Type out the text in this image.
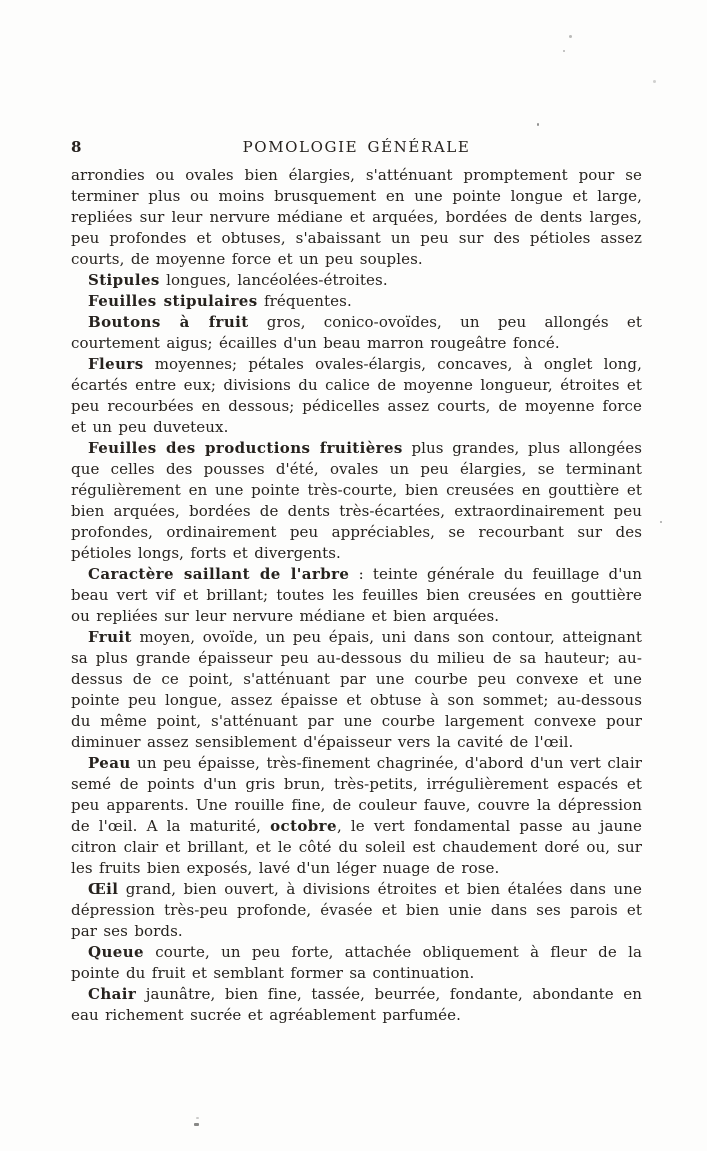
8	POMOLOGIE GÉNÉRALE

arrondies ou ovales bien élargies, s'atténuant promptement pour se terminer plus ou moins brusquement en une pointe longue et large, repliées sur leur nervure médiane et arquées, bordées de dents larges, peu profondes et obtuses, s'abaissant un peu sur des pétioles assez courts, de moyenne force et un peu souples.

Stipules longues, lancéolées-étroites.

Feuilles stipulaires fréquentes.

Boutons à fruit gros, conico-ovoïdes, un peu allongés et courtement aigus; écailles d'un beau marron rougeâtre foncé.

Fleurs moyennes; pétales ovales-élargis, concaves, à onglet long, écartés entre eux; divisions du calice de moyenne longueur, étroites et peu recourbées en dessous; pédicelles assez courts, de moyenne force et un peu duveteux.

Feuilles des productions fruitières plus grandes, plus allongées que celles des pousses d'été, ovales un peu élargies, se terminant régulièrement en une pointe très-courte, bien creusées en gouttière et bien arquées, bordées de dents très-écartées, extraordinairement peu profondes, ordinairement peu appréciables, se recourbant sur des pétioles longs, forts et divergents.

Caractère saillant de l'arbre : teinte générale du feuillage d'un beau vert vif et brillant; toutes les feuilles bien creusées en gouttière ou repliées sur leur nervure médiane et bien arquées.

Fruit moyen, ovoïde, un peu épais, uni dans son contour, atteignant sa plus grande épaisseur peu au-dessous du milieu de sa hauteur; au-dessus de ce point, s'atténuant par une courbe peu convexe et une pointe peu longue, assez épaisse et obtuse à son sommet; au-dessous du même point, s'atténuant par une courbe largement convexe pour diminuer assez sensiblement d'épaisseur vers la cavité de l'œil.

Peau un peu épaisse, très-finement chagrinée, d'abord d'un vert clair semé de points d'un gris brun, très-petits, irrégulièrement espacés et peu apparents. Une rouille fine, de couleur fauve, couvre la dépression de l'œil. A la maturité, octobre, le vert fondamental passe au jaune citron clair et brillant, et le côté du soleil est chaudement doré ou, sur les fruits bien exposés, lavé d'un léger nuage de rose.

Œil grand, bien ouvert, à divisions étroites et bien étalées dans une dépression très-peu profonde, évasée et bien unie dans ses parois et par ses bords.

Queue courte, un peu forte, attachée obliquement à fleur de la pointe du fruit et semblant former sa continuation.

Chair jaunâtre, bien fine, tassée, beurrée, fondante, abondante en eau richement sucrée et agréablement parfumée.
